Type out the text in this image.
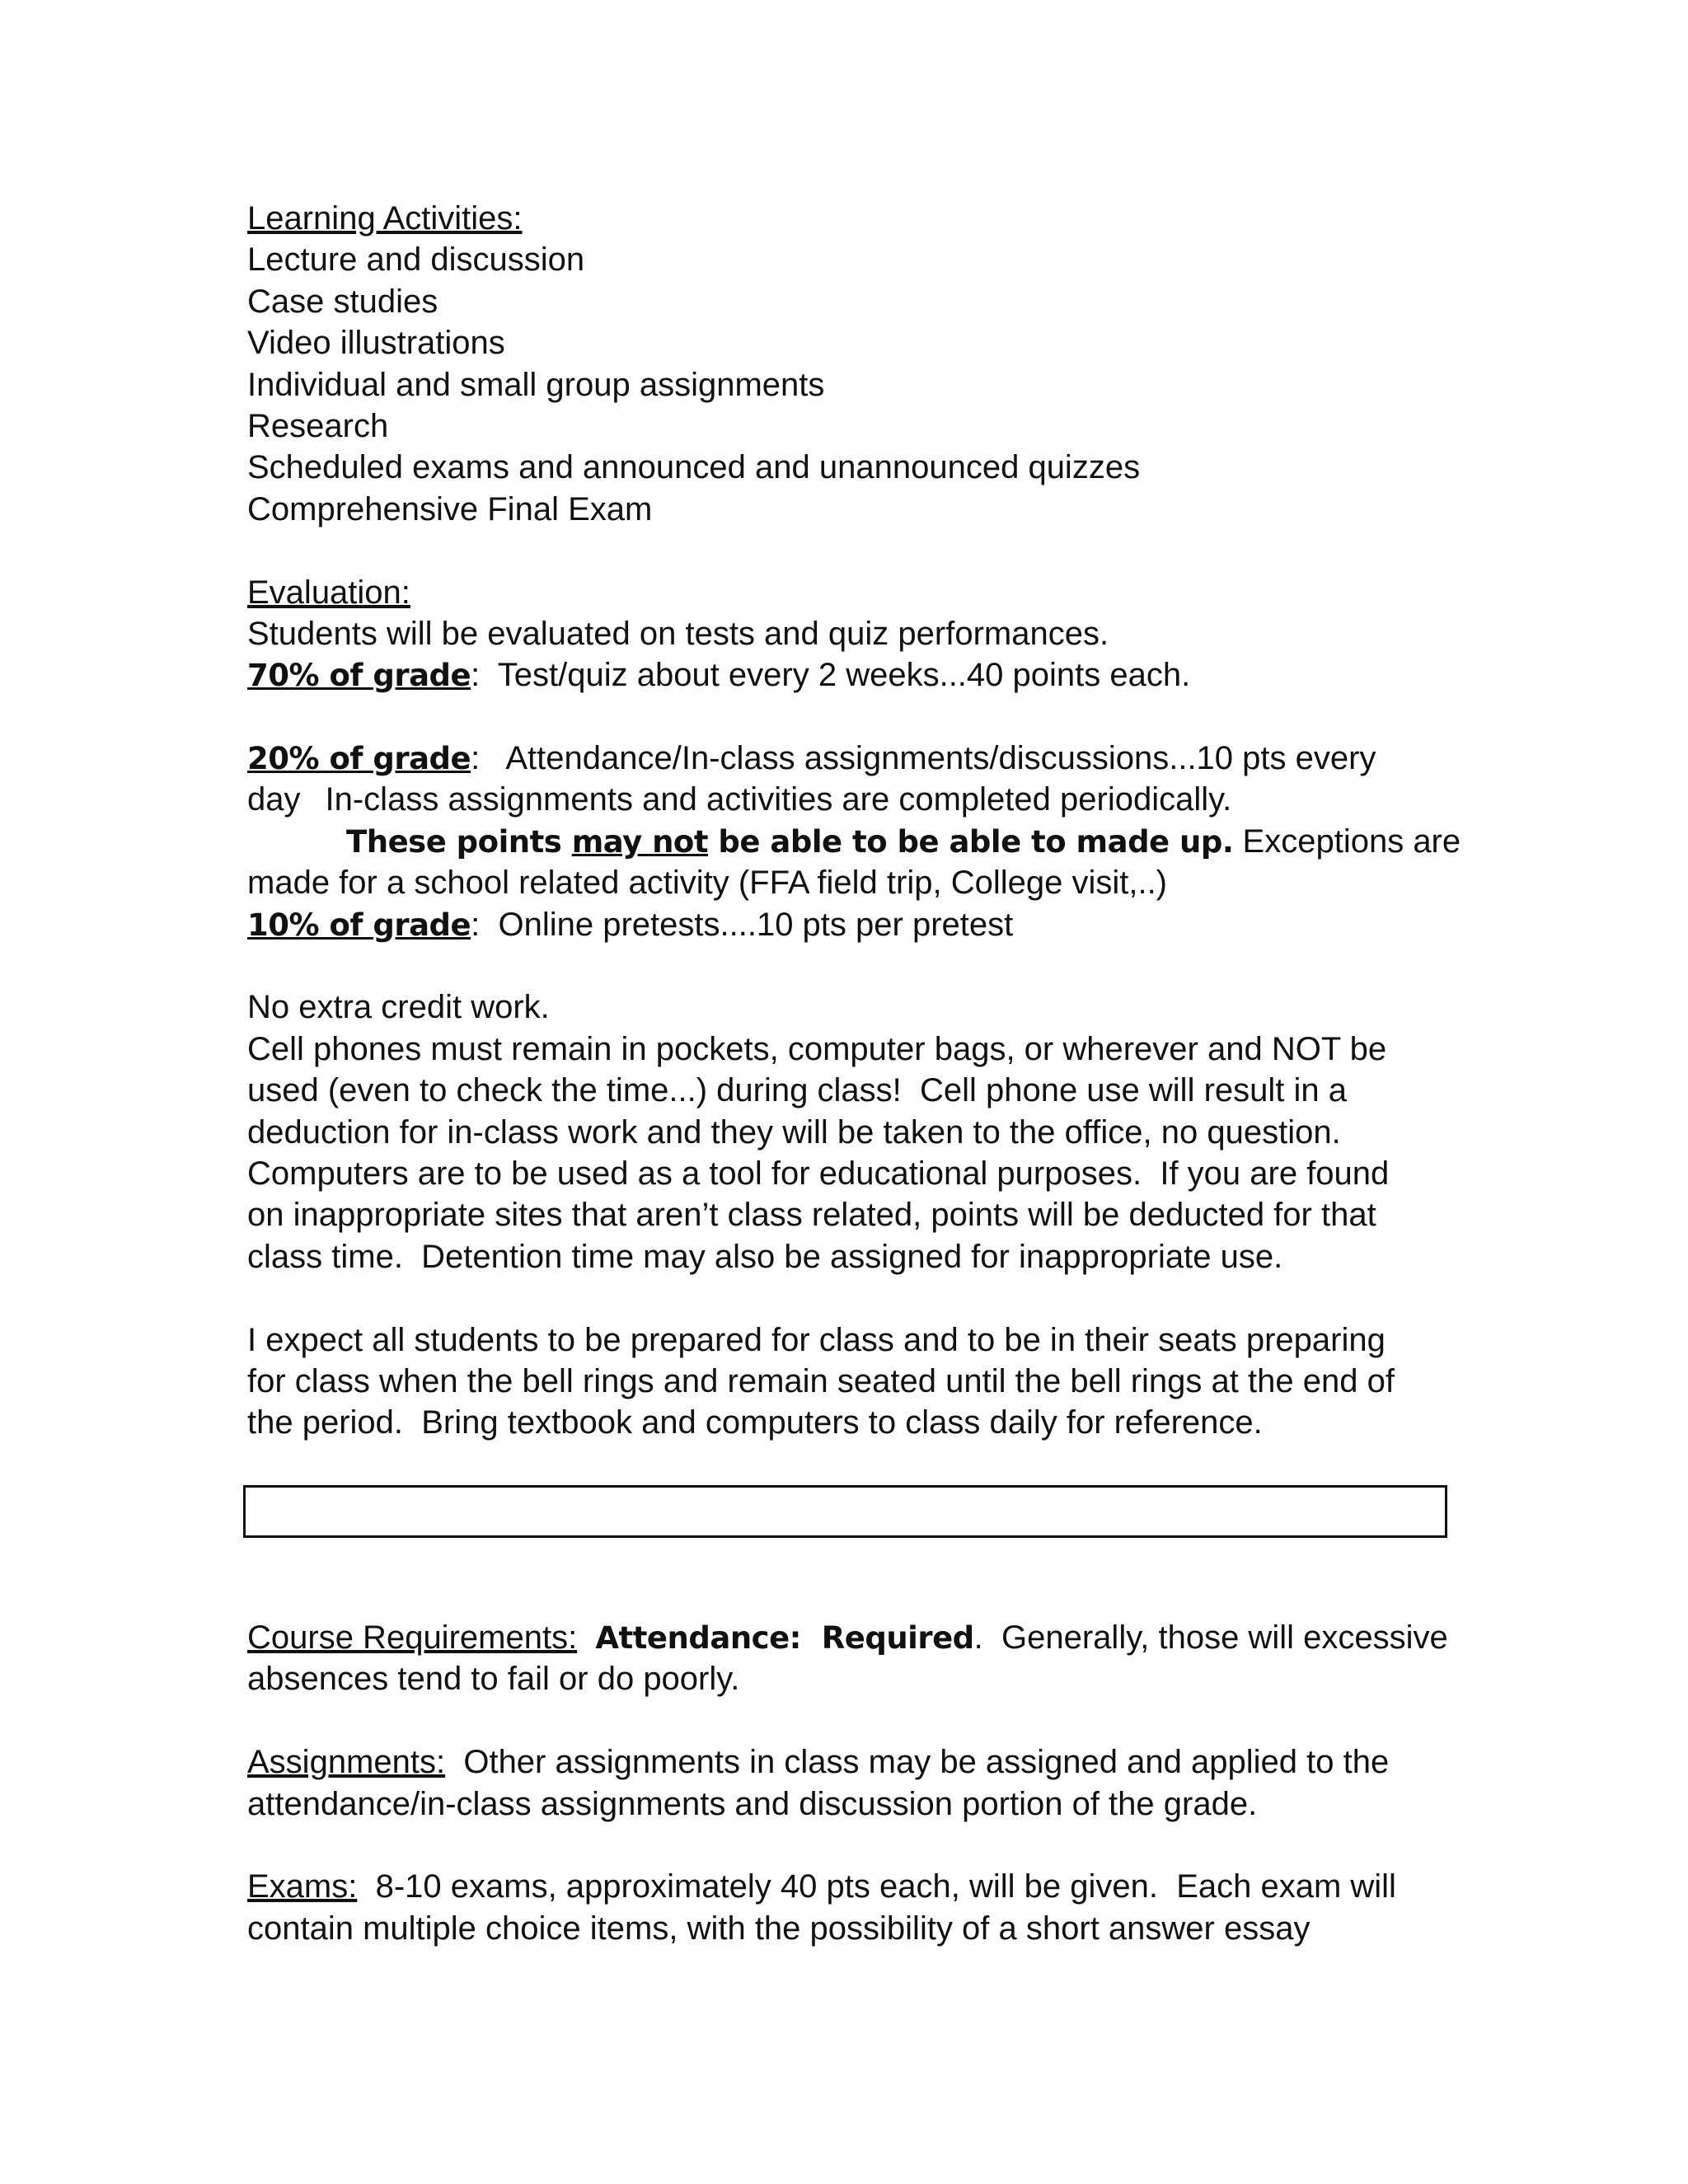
Learning Activities:
Lecture and discussion
Case studies
Video illustrations
Individual and small group assignments
Research
Scheduled exams and announced and unannounced quizzes
Comprehensive Final Exam
Evaluation:
Students will be evaluated on tests and quiz performances.
70% of grade:  Test/quiz about every 2 weeks...40 points each.
20% of grade:   Attendance/In-class assignments/discussions...10 pts every
day In-class assignments and activities are completed periodically.
These points may not be able to be able to made up. Exceptions are
made for a school related activity (FFA field trip, College visit,..)
10% of grade:  Online pretests....10 pts per pretest
No extra credit work.
Cell phones must remain in pockets, computer bags, or wherever and NOT be
used (even to check the time...) during class!  Cell phone use will result in a
deduction for in-class work and they will be taken to the office, no question.
Computers are to be used as a tool for educational purposes.  If you are found
on inappropriate sites that aren’t class related, points will be deducted for that
class time.  Detention time may also be assigned for inappropriate use.
I expect all students to be prepared for class and to be in their seats preparing
for class when the bell rings and remain seated until the bell rings at the end of
the period.  Bring textbook and computers to class daily for reference.
Course Requirements: Attendance:  Required.  Generally, those will excessive
absences tend to fail or do poorly.
Assignments:  Other assignments in class may be assigned and applied to the
attendance/in-class assignments and discussion portion of the grade.
Exams:  8-10 exams, approximately 40 pts each, will be given.  Each exam will
contain multiple choice items, with the possibility of a short answer essay
